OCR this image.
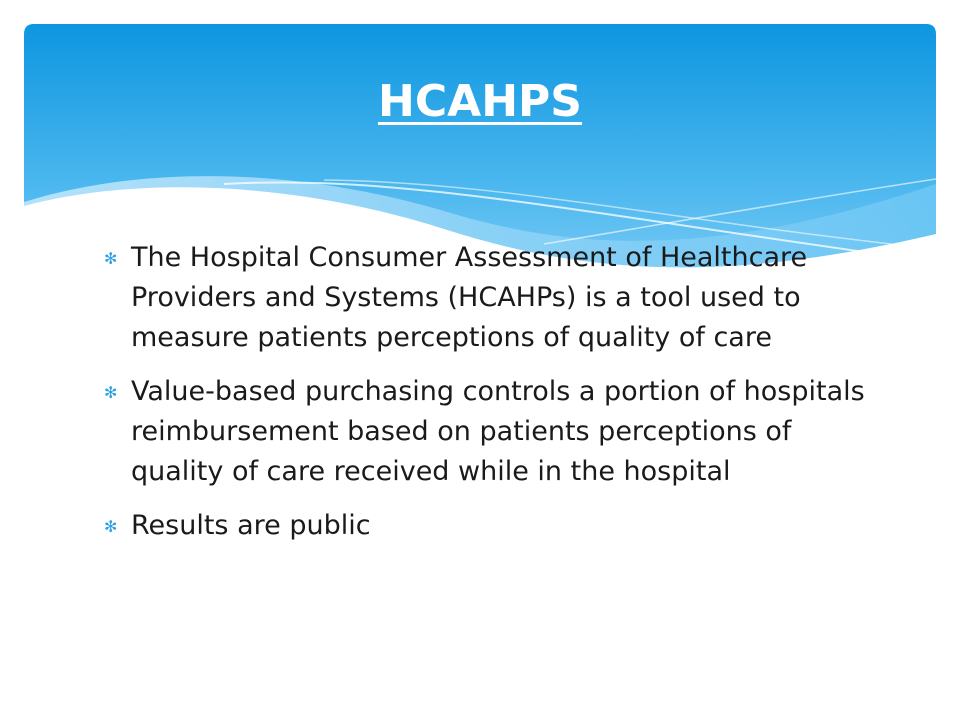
HCAHPS
✻ The Hospital Consumer Assessment of Healthcare Providers and Systems (HCAHPs) is a tool used to measure patients perceptions of quality of care
✻ Value-based purchasing controls a portion of hospitals reimbursement based on patients perceptions of quality of care received while in the hospital
✻ Results are public
